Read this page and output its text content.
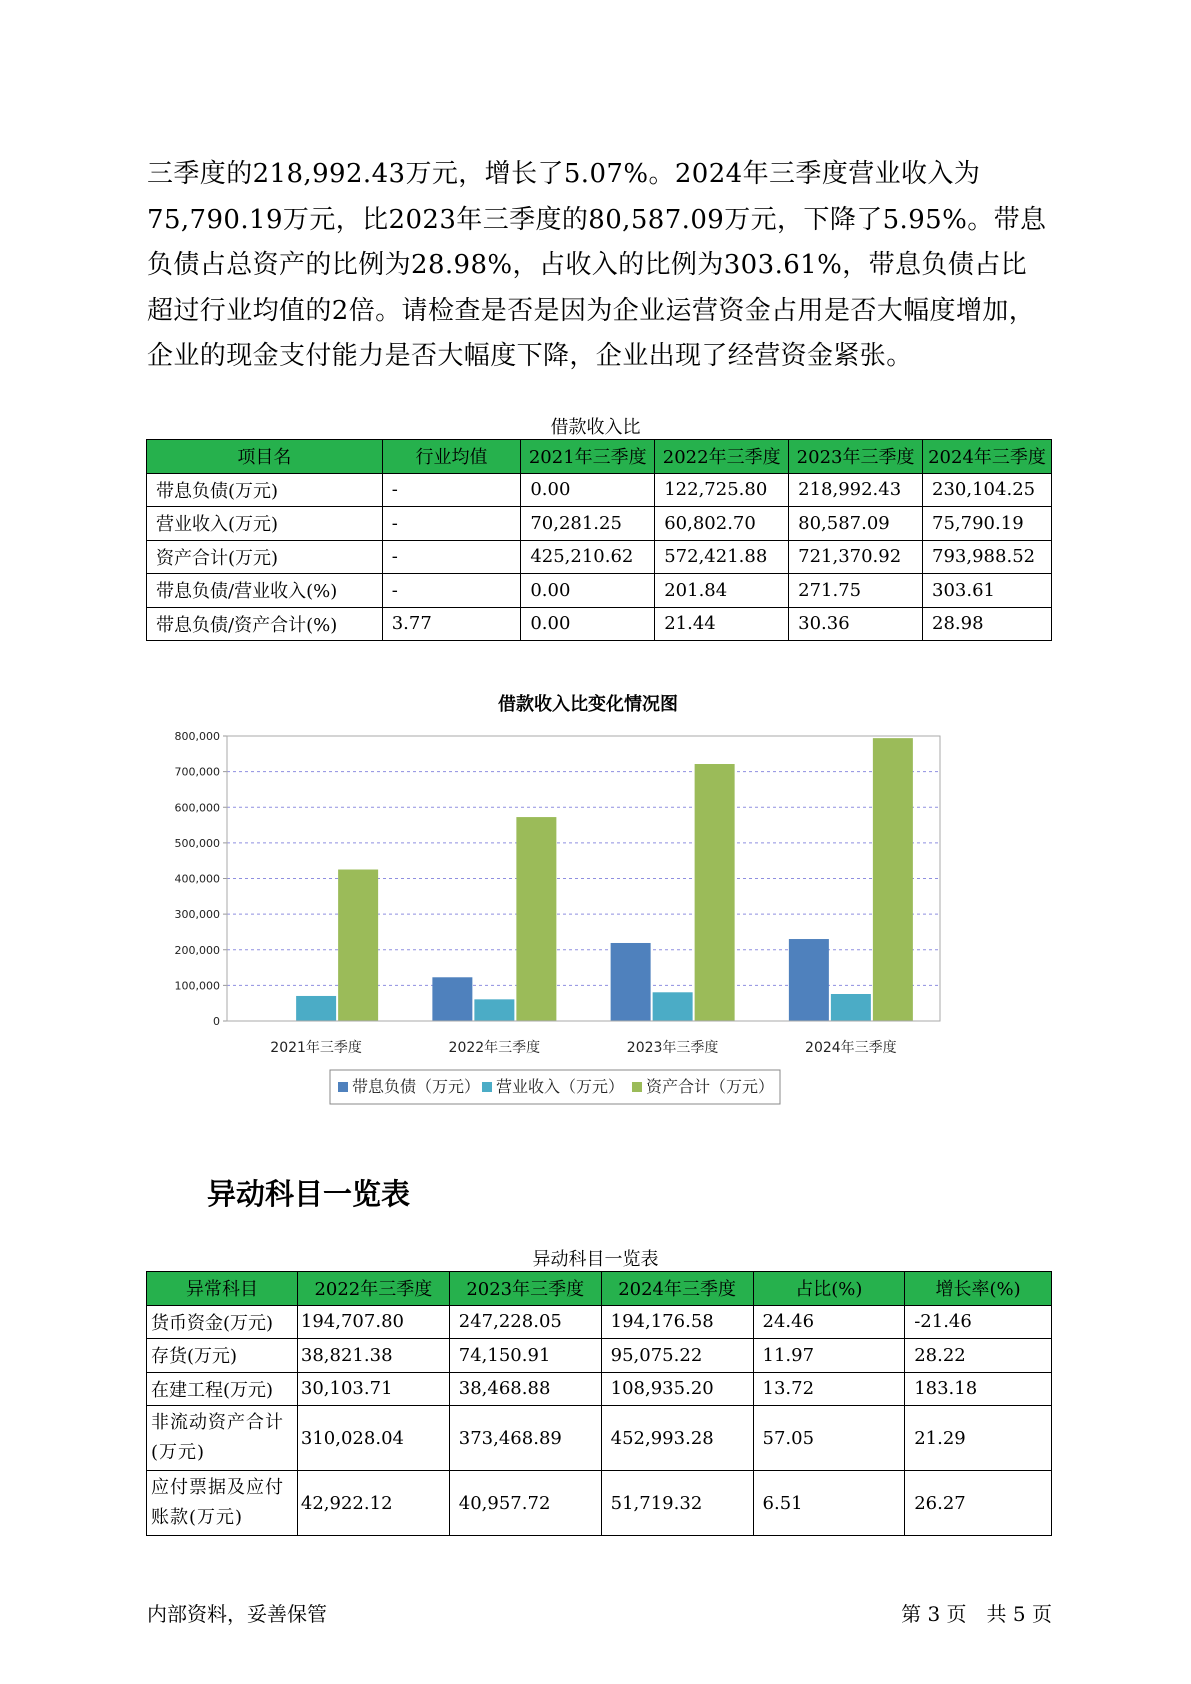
三季度的218,992.43万元，增长了5.07%。2024年三季度营业收入为75,790.19万元，比2023年三季度的80,587.09万元，下降了5.95%。带息负债占总资产的比例为28.98%，占收入的比例为303.61%，带息负债占比超过行业均值的2倍。请检查是否是因为企业运营资金占用是否大幅度增加，企业的现金支付能力是否大幅度下降，企业出现了经营资金紧张。

借款收入比
项目名	行业均值	2021年三季度	2022年三季度	2023年三季度	2024年三季度
带息负债(万元)	-	0.00	122,725.80	218,992.43	230,104.25
营业收入(万元)	-	70,281.25	60,802.70	80,587.09	75,790.19
资产合计(万元)	-	425,210.62	572,421.88	721,370.92	793,988.52
带息负债/营业收入(%)	-	0.00	201.84	271.75	303.61
带息负债/资产合计(%)	3.77	0.00	21.44	30.36	28.98
借款收入比变化情况图
0
100,000
200,000
300,000
400,000
500,000
600,000
700,000
800,000
2021年三季度	2022年三季度	2023年三季度	2024年三季度
带息负债（万元） 营业收入（万元） 资产合计（万元）
异动科目一览表
异动科目一览表
异常科目	2022年三季度	2023年三季度	2024年三季度	占比(%)	增长率(%)
货币资金(万元)	194,707.80	247,228.05	194,176.58	24.46	-21.46
存货(万元)	38,821.38	74,150.91	95,075.22	11.97	28.22
在建工程(万元)	30,103.71	38,468.88	108,935.20	13.72	183.18
非流动资产合计(万元)	310,028.04	373,468.89	452,993.28	57.05	21.29
应付票据及应付账款(万元)	42,922.12	40,957.72	51,719.32	6.51	26.27
内部资料，妥善保管	第 3 页　共 5 页
